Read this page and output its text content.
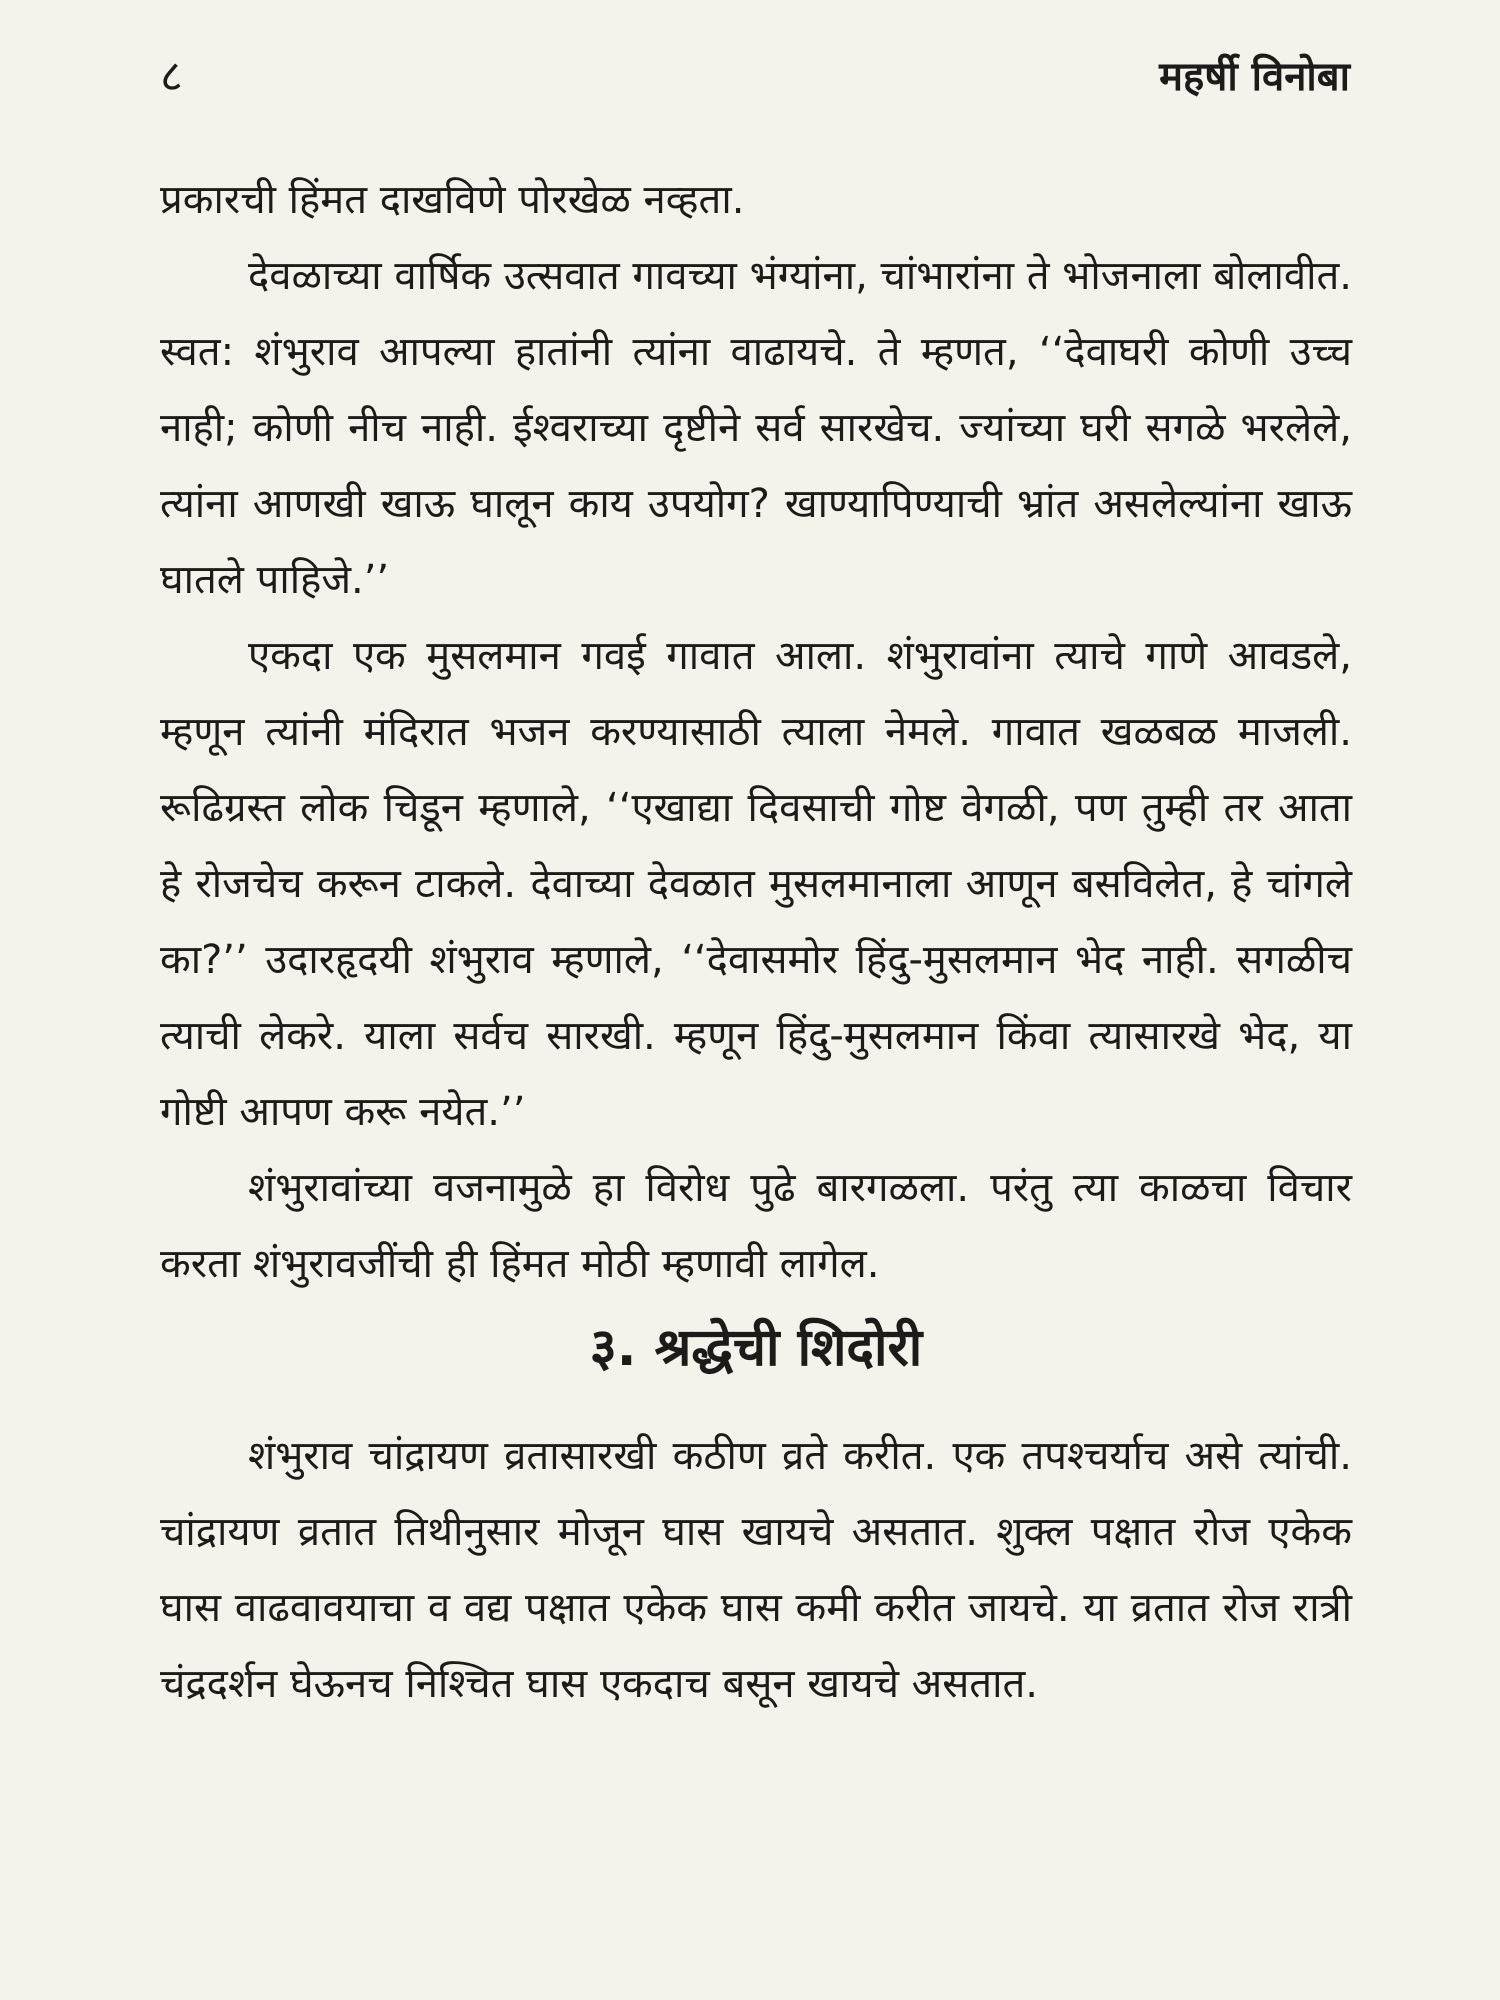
८	महर्षी विनोबा

प्रकारची हिंमत दाखविणे पोरखेळ नव्हता.

देवळाच्या वार्षिक उत्सवात गावच्या भंग्यांना, चांभारांना ते भोजनाला बोलावीत. स्वत: शंभुराव आपल्या हातांनी त्यांना वाढायचे. ते म्हणत, ‘‘देवाघरी कोणी उच्च नाही; कोणी नीच नाही. ईश्वराच्या दृष्टीने सर्व सारखेच. ज्यांच्या घरी सगळे भरलेले, त्यांना आणखी खाऊ घालून काय उपयोग? खाण्यापिण्याची भ्रांत असलेल्यांना खाऊ घातले पाहिजे.’’

एकदा एक मुसलमान गवई गावात आला. शंभुरावांना त्याचे गाणे आवडले, म्हणून त्यांनी मंदिरात भजन करण्यासाठी त्याला नेमले. गावात खळबळ माजली. रूढिग्रस्त लोक चिडून म्हणाले, ‘‘एखाद्या दिवसाची गोष्ट वेगळी, पण तुम्ही तर आता हे रोजचेच करून टाकले. देवाच्या देवळात मुसलमानाला आणून बसविलेत, हे चांगले का?’’ उदारहृदयी शंभुराव म्हणाले, ‘‘देवासमोर हिंदु-मुसलमान भेद नाही. सगळीच त्याची लेकरे. याला सर्वच सारखी. म्हणून हिंदु-मुसलमान किंवा त्यासारखे भेद, या गोष्टी आपण करू नयेत.’’

शंभुरावांच्या वजनामुळे हा विरोध पुढे बारगळला. परंतु त्या काळचा विचार करता शंभुरावजींची ही हिंमत मोठी म्हणावी लागेल.

३. श्रद्धेची शिदोरी

शंभुराव चांद्रायण व्रतासारखी कठीण व्रते करीत. एक तपश्चर्याच असे त्यांची. चांद्रायण व्रतात तिथीनुसार मोजून घास खायचे असतात. शुक्ल पक्षात रोज एकेक घास वाढवावयाचा व वद्य पक्षात एकेक घास कमी करीत जायचे. या व्रतात रोज रात्री चंद्रदर्शन घेऊनच निश्चित घास एकदाच बसून खायचे असतात.
